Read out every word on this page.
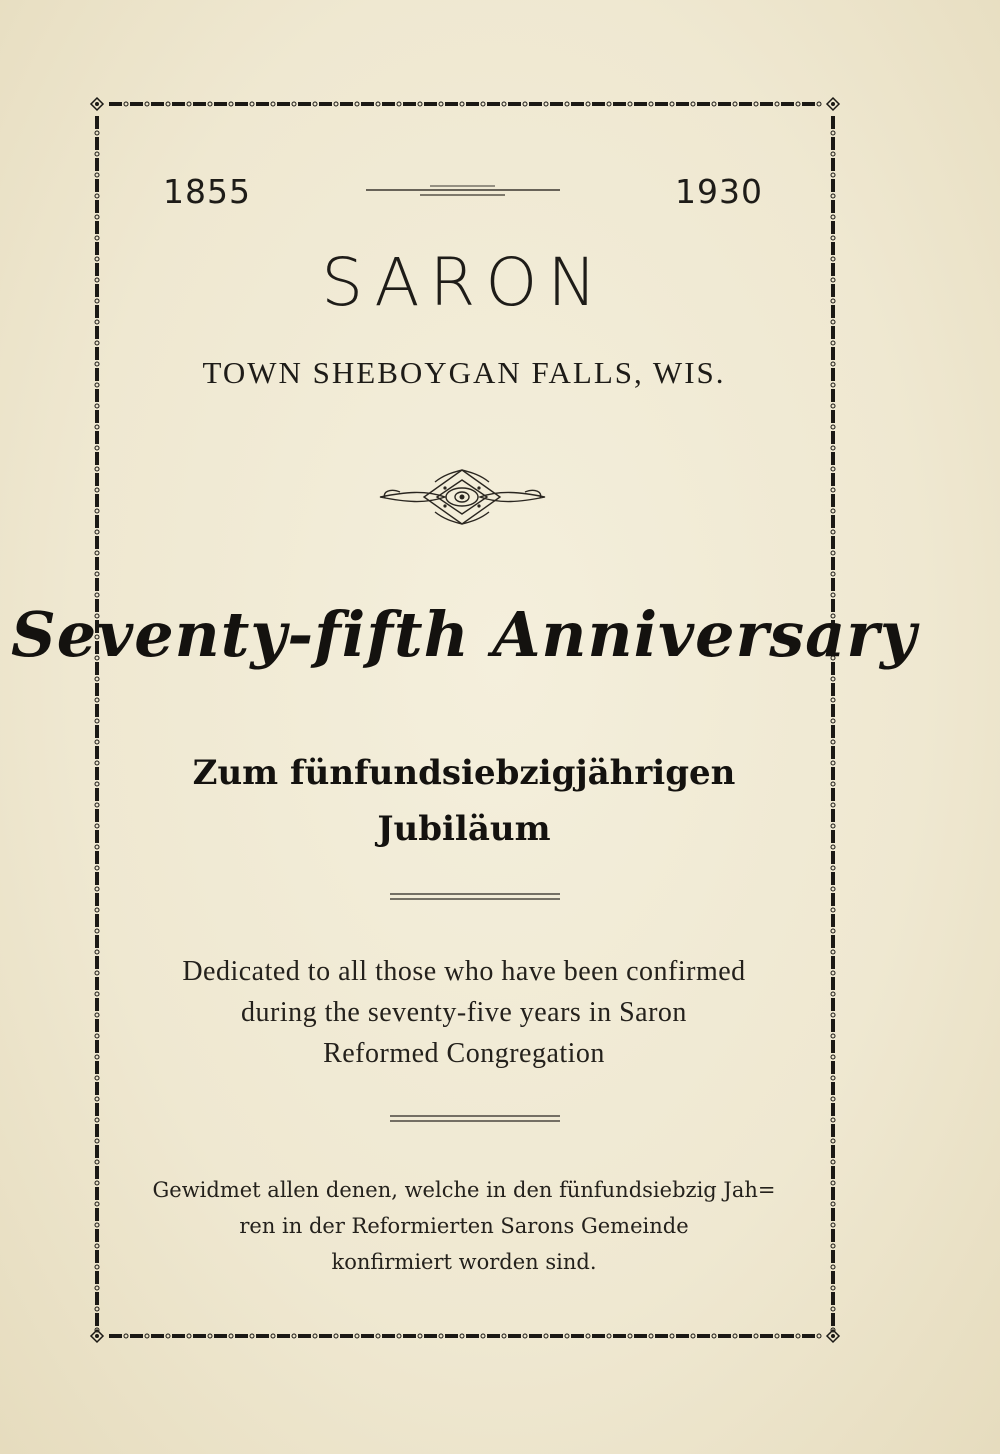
1855	1930
SARON
TOWN SHEBOYGAN FALLS, WIS.
Seventy-fifth Anniversary
Zum fünfundsiebzigjährigen
Jubiläum
Dedicated to all those who have been confirmed
during the seventy-five years in Saron
Reformed Congregation
Gewidmet allen denen, welche in den fünfundsiebzig Jah=
ren in der Reformierten Sarons Gemeinde
konfirmiert worden sind.
